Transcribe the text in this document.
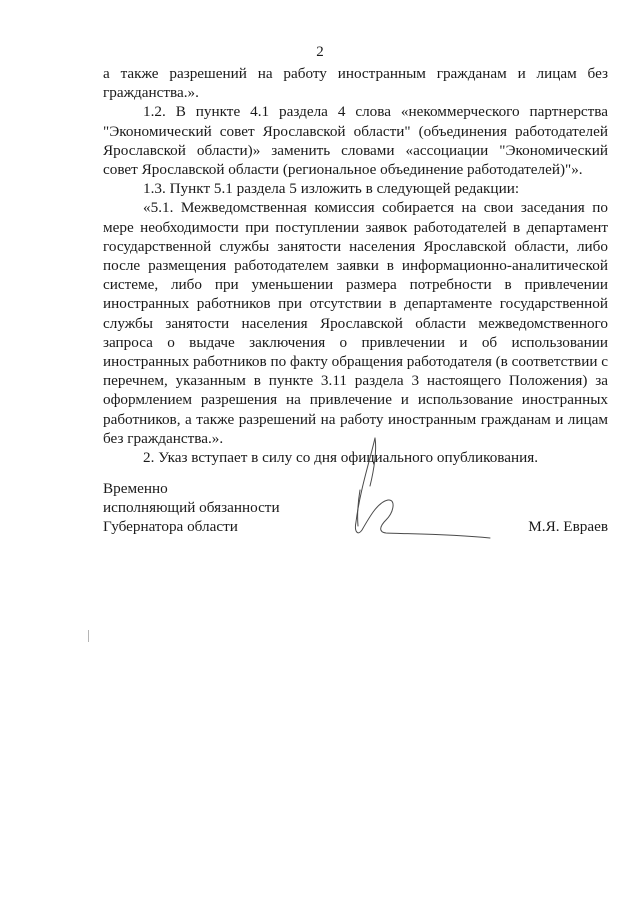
2

а также разрешений на работу иностранным гражданам и лицам без гражданства.».

1.2. В пункте 4.1 раздела 4 слова «некоммерческого партнерства "Экономический совет Ярославской области" (объединения работодателей Ярославской области)» заменить словами «ассоциации "Экономический совет Ярославской области (региональное объединение работодателей)"».

1.3. Пункт 5.1 раздела 5 изложить в следующей редакции:

«5.1. Межведомственная комиссия собирается на свои заседания по мере необходимости при поступлении заявок работодателей в департамент государственной службы занятости населения Ярославской области, либо после размещения работодателем заявки в информационно-аналитической системе, либо при уменьшении размера потребности в привлечении иностранных работников при отсутствии в департаменте государственной службы занятости населения Ярославской области межведомственного запроса о выдаче заключения о привлечении и об использовании иностранных работников по факту обращения работодателя (в соответствии с перечнем, указанным в пункте 3.11 раздела 3 настоящего Положения) за оформлением разрешения на привлечение и использование иностранных работников, а также разрешений на работу иностранным гражданам и лицам без гражданства.».

2. Указ вступает в силу со дня официального опубликования.

Временно

исполняющий обязанности

Губернатора области	М.Я. Евраев
